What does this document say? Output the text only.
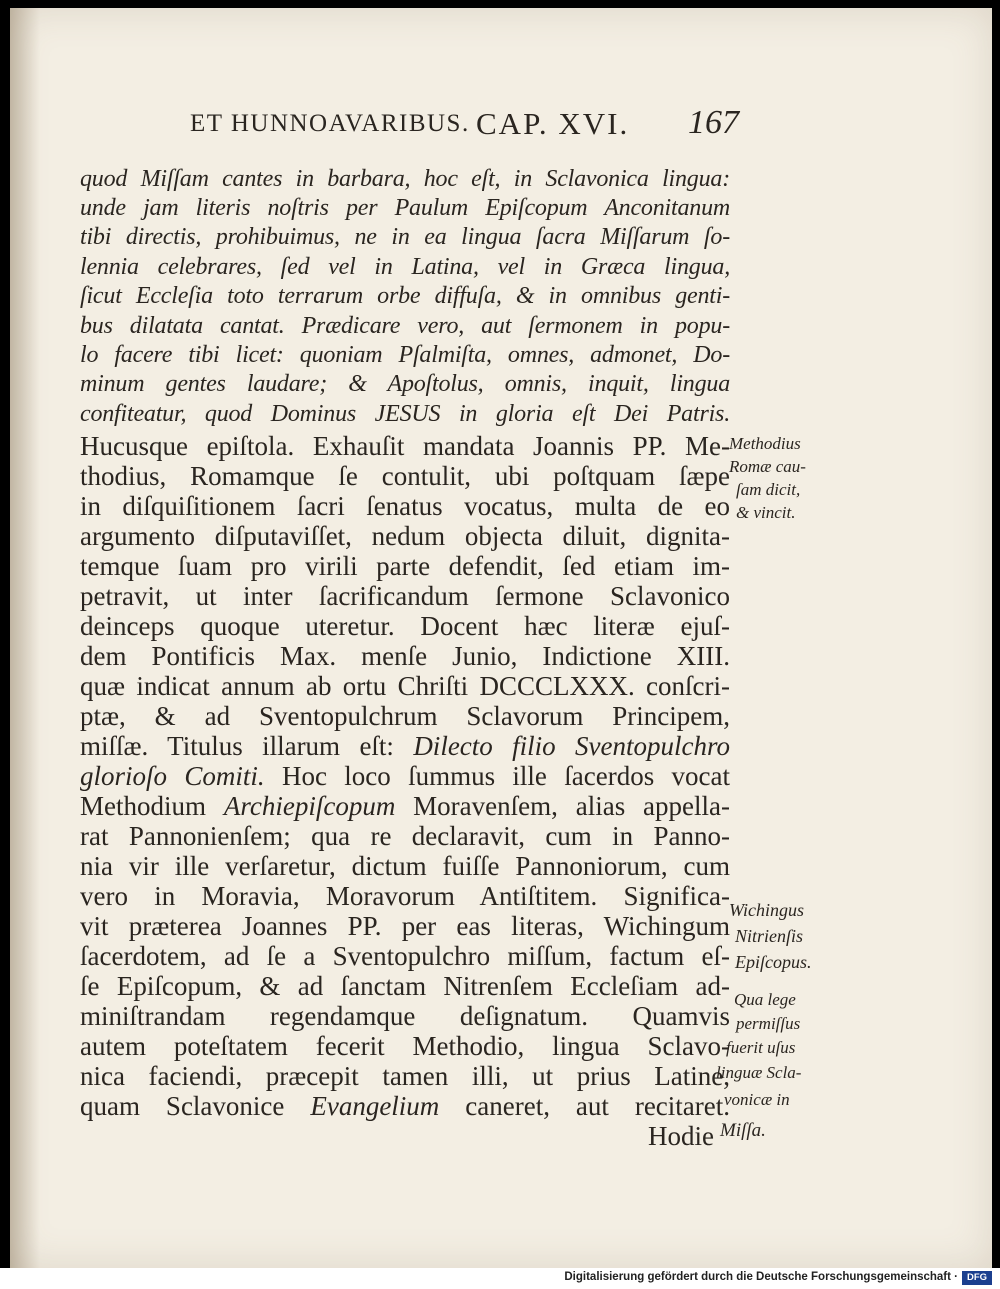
ET HUNNOAVARIBUS. CAP. XVI. 167
quod Miſſam cantes in barbara, hoc eſt, in Sclavonica lingua:
unde jam literis noſtris per Paulum Epiſcopum Anconitanum
tibi directis, prohibuimus, ne in ea lingua ſacra Miſſarum ſo-
lennia celebrares, ſed vel in Latina, vel in Græca lingua,
ſicut Eccleſia toto terrarum orbe diffuſa, & in omnibus genti-
bus dilatata cantat. Prædicare vero, aut ſermonem in popu-
lo facere tibi licet: quoniam Pſalmiſta, omnes, admonet, Do-
minum gentes laudare; & Apoſtolus, omnis, inquit, lingua
confiteatur, quod Dominus JESUS in gloria eſt Dei Patris.
Hucusque epiſtola. Exhauſit mandata Joannis PP. Me-
thodius, Romamque ſe contulit, ubi poſtquam ſæpe
in diſquiſitionem ſacri ſenatus vocatus, multa de eo
argumento diſputaviſſet, nedum objecta diluit, dignita-
temque ſuam pro virili parte defendit, ſed etiam im-
petravit, ut inter ſacrificandum ſermone Sclavonico
deinceps quoque uteretur. Docent hæc literæ ejuſ-
dem Pontificis Max. menſe Junio, Indictione XIII.
quæ indicat annum ab ortu Chriſti DCCCLXXX. conſcri-
ptæ, & ad Sventopulchrum Sclavorum Principem,
miſſæ. Titulus illarum eſt: Dilecto filio Sventopulchro
glorioſo Comiti. Hoc loco ſummus ille ſacerdos vocat
Methodium Archiepiſcopum Moravenſem, alias appella-
rat Pannonienſem; qua re declaravit, cum in Panno-
nia vir ille verſaretur, dictum fuiſſe Pannoniorum, cum
vero in Moravia, Moravorum Antiſtitem. Significa-
vit præterea Joannes PP. per eas literas, Wichingum
ſacerdotem, ad ſe a Sventopulchro miſſum, factum eſ-
ſe Epiſcopum, & ad ſanctam Nitrenſem Eccleſiam ad-
miniſtrandam regendamque deſignatum. Quamvis
autem poteſtatem fecerit Methodio, lingua Sclavo-
nica faciendi, præcepit tamen illi, ut prius Latine,
quam Sclavonice Evangelium caneret, aut recitaret.
Hodie
Methodius
Romæ cau-
ſam dicit,
& vincit.
Wichingus
Nitrienſis
Epiſcopus.
Qua lege
permiſſus
fuerit uſus
linguæ Scla-
vonicæ in
Miſſa.
Digitalisierung gefördert durch die Deutsche Forschungsgemeinschaft · DFG
